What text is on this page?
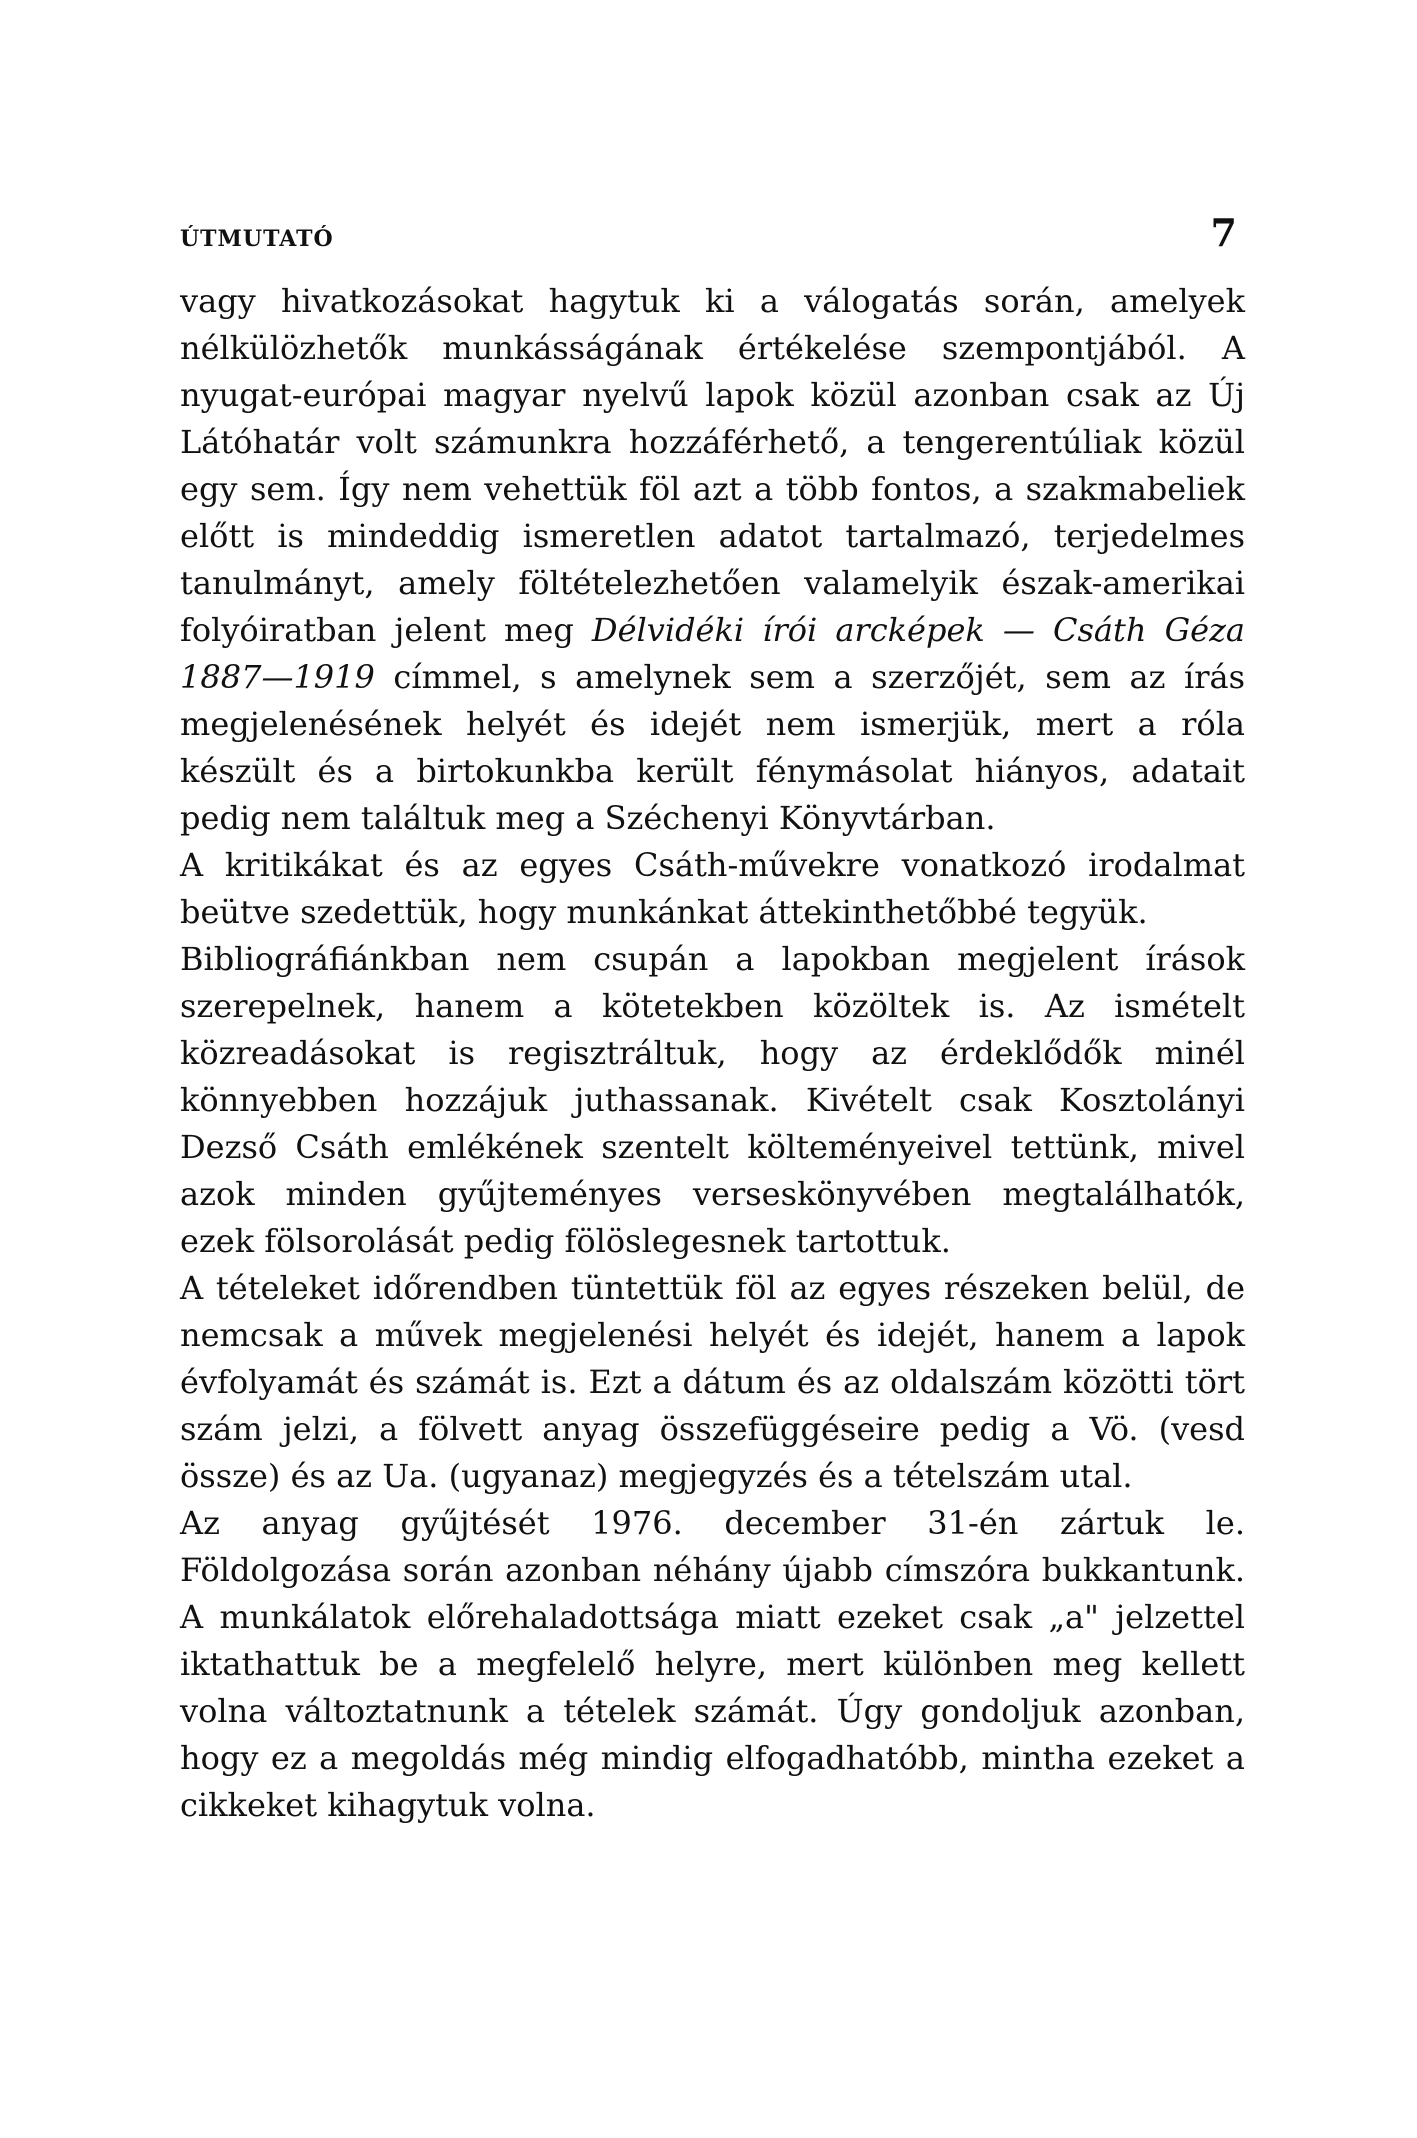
ÚTMUTATÓ	7

vagy hivatkozásokat hagytuk ki a válogatás során, amelyek nélkülözhetők munkásságának értékelése szempontjából. A nyugat-európai magyar nyelvű lapok közül azonban csak az Új Látóhatár volt számunkra hozzáférhető, a tengerentúliak közül egy sem. Így nem vehettük föl azt a több fontos, a szakmabeliek előtt is mindeddig ismeretlen adatot tartalmazó, terjedelmes tanulmányt, amely föltételezhetően valamelyik észak-amerikai folyóiratban jelent meg Délvidéki írói arcképek — Csáth Géza 1887—1919 címmel, s amelynek sem a szerzőjét, sem az írás megjelenésének helyét és idejét nem ismerjük, mert a róla készült és a birtokunkba került fénymásolat hiányos, adatait pedig nem találtuk meg a Széchenyi Könyvtárban.

A kritikákat és az egyes Csáth-művekre vonatkozó irodalmat beütve szedettük, hogy munkánkat áttekinthetőbbé tegyük.

Bibliográfiánkban nem csupán a lapokban megjelent írások szerepelnek, hanem a kötetekben közöltek is. Az ismételt közreadásokat is regisztráltuk, hogy az érdeklődők minél könnyebben hozzájuk juthassanak. Kivételt csak Kosztolányi Dezső Csáth emlékének szentelt költeményeivel tettünk, mivel azok minden gyűjteményes verseskönyvében megtalálhatók, ezek fölsorolását pedig fölöslegesnek tartottuk.

A tételeket időrendben tüntettük föl az egyes részeken belül, de nemcsak a művek megjelenési helyét és idejét, hanem a lapok évfolyamát és számát is. Ezt a dátum és az oldalszám közötti tört szám jelzi, a fölvett anyag összefüggéseire pedig a Vö. (vesd össze) és az Ua. (ugyanaz) megjegyzés és a tételszám utal.

Az anyag gyűjtését 1976. december 31-én zártuk le. Földolgozása során azonban néhány újabb címszóra bukkantunk. A munkálatok előrehaladottsága miatt ezeket csak „a" jelzettel iktathattuk be a megfelelő helyre, mert különben meg kellett volna változtatnunk a tételek számát. Úgy gondoljuk azonban, hogy ez a megoldás még mindig elfogadhatóbb, mintha ezeket a cikkeket kihagytuk volna.
